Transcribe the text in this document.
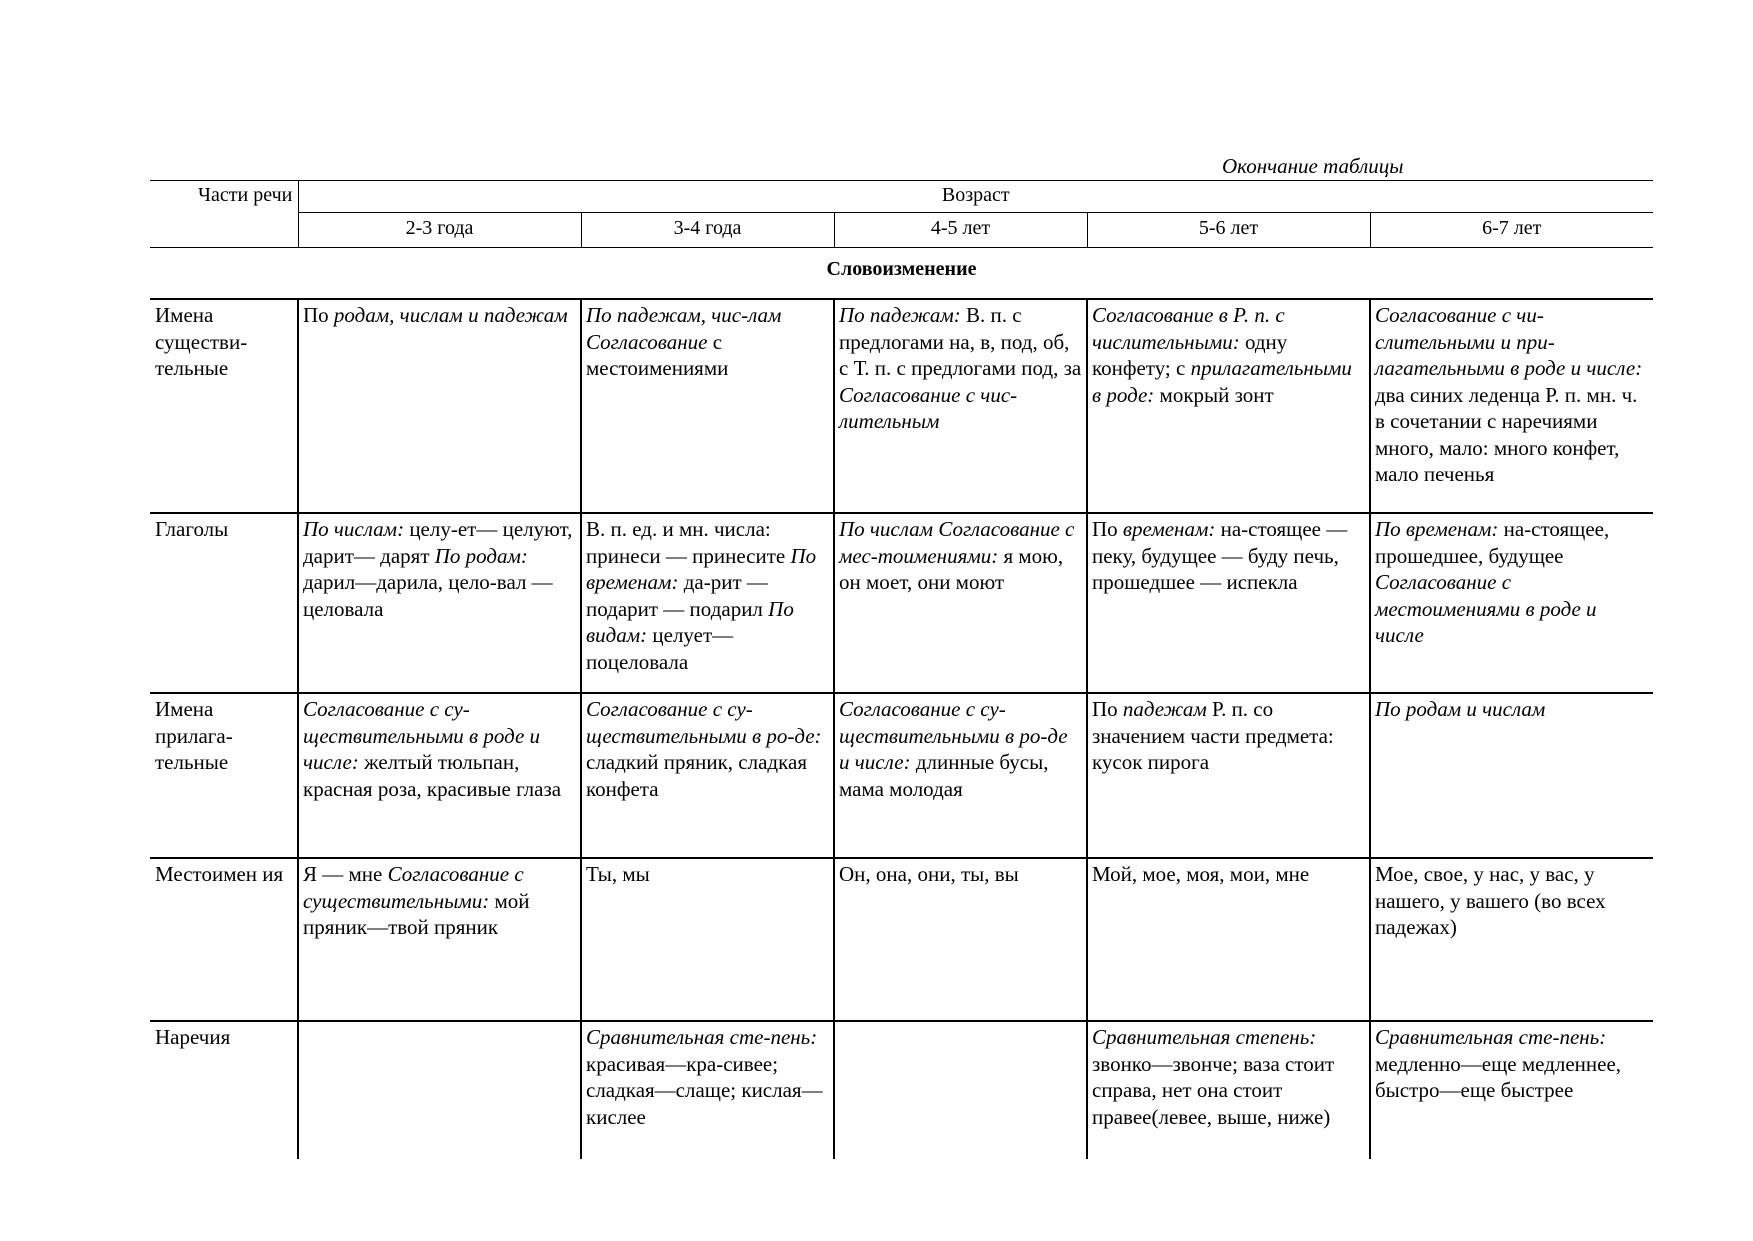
Окончание таблицы
Части речи	Возраст				
	2-3 года	3-4 года	4-5 лет	5-6 лет	6-7 лет
Словоизменение					
Имена существи-тельные	По родам, числам и падежам	По падежам, чис-лам Согласование с местоимениями	По падежам: В. п. с предлогами на, в, под, об, с Т. п. с предлогами под, за Согласование с чис-лительным	Согласование в Р. п. с числительными: одну конфету; с прилагательными в роде: мокрый зонт	Согласование с чи-слительными и при-лагательными в роде и числе: два синих леденца Р. п. мн. ч. в сочетании с наречиями много, мало: много конфет, мало печенья
Глаголы	По числам: целу-ет— целуют, дарит— дарят По родам: дарил—дарила, цело-вал — целовала	В. п. ед. и мн. числа: принеси — принесите По временам: да-рит — подарит — подарил По видам: целует— поцеловала	По числам Согласование с мес-тоимениями: я мою, он моет, они моют	По временам: на-стоящее — пеку, будущее — буду печь, прошедшее — испекла	По временам: на-стоящее, прошедшее, будущее Согласование с местоимениями в роде и числе
Имена прилага-тельные	Согласование с су-ществительными в роде и числе: желтый тюльпан, красная роза, красивые глаза	Согласование с су-ществительными в ро-де: сладкий пряник, сладкая конфета	Согласование с су-ществительными в ро-де и числе: длинные бусы, мама молодая	По падежам Р. п. со значением части предмета: кусок пирога	По родам и числам
Местоимен ия	Я — мне Согласование с существительными: мой пряник—твой пряник	Ты, мы	Он, она, они, ты, вы	Мой, мое, моя, мои, мне	Мое, свое, у нас, у вас, у нашего, у вашего (во всех падежах)
Наречия		Сравнительная сте-пень: красивая—кра-сивее; сладкая—слаще; кислая—кислее		Сравнительная степень: звонко—звонче; ваза стоит справа, нет она стоит правее(левее, выше, ниже)	Сравнительная сте-пень: медленно—еще медленнее, быстро—еще быстрее
